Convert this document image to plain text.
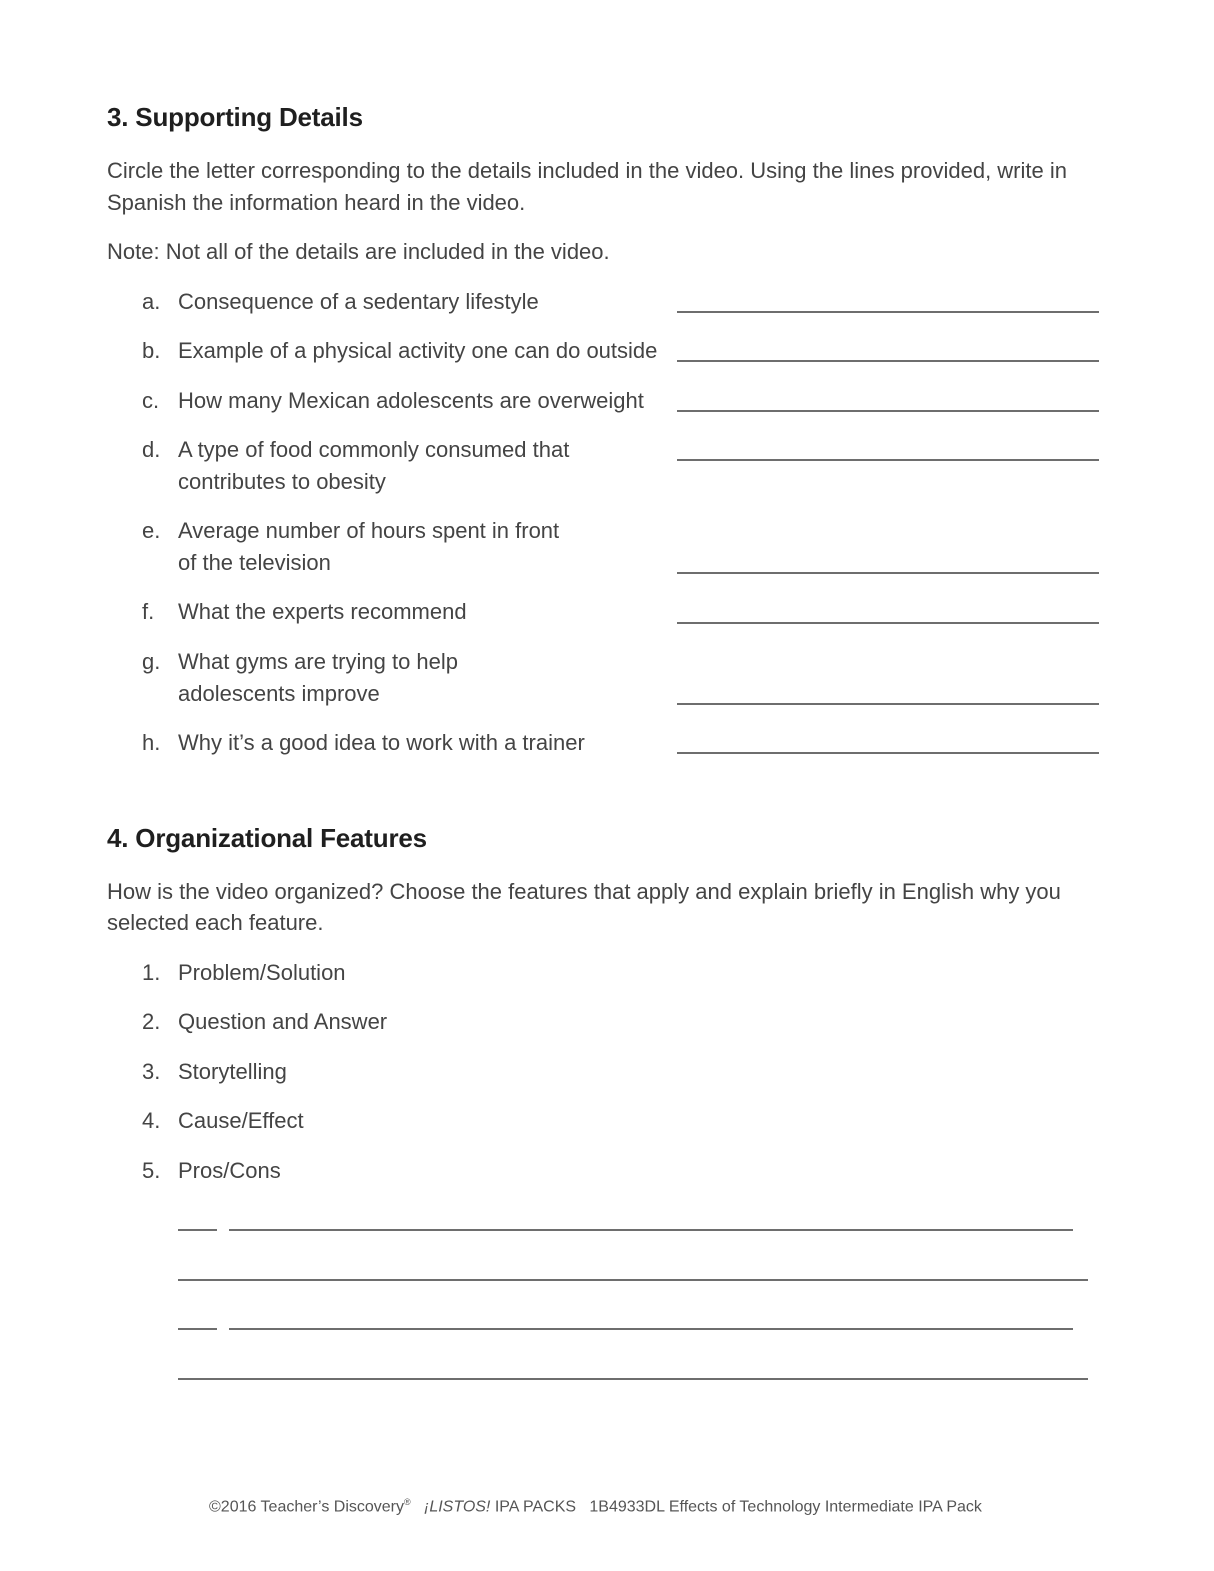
3. Supporting Details
Circle the letter corresponding to the details included in the video. Using the lines provided, write in
Spanish the information heard in the video.
Note: Not all of the details are included in the video.
a. Consequence of a sedentary lifestyle
b. Example of a physical activity one can do outside
c. How many Mexican adolescents are overweight
d. A type of food commonly consumed that
contributes to obesity
e. Average number of hours spent in front
of the television
f.	What the experts recommend
g. What gyms are trying to help
adolescents improve
h. Why it’s a good idea to work with a trainer
4. Organizational Features
How is the video organized? Choose the features that apply and explain briefly in English why you
selected each feature.
1. Problem/Solution
2. Question and Answer
3. Storytelling
4. Cause/Effect
5. Pros/Cons
©2016 Teacher’s Discovery® ¡LISTOS! IPA PACKS 1B4933DL Effects of Technology Intermediate IPA Pack
